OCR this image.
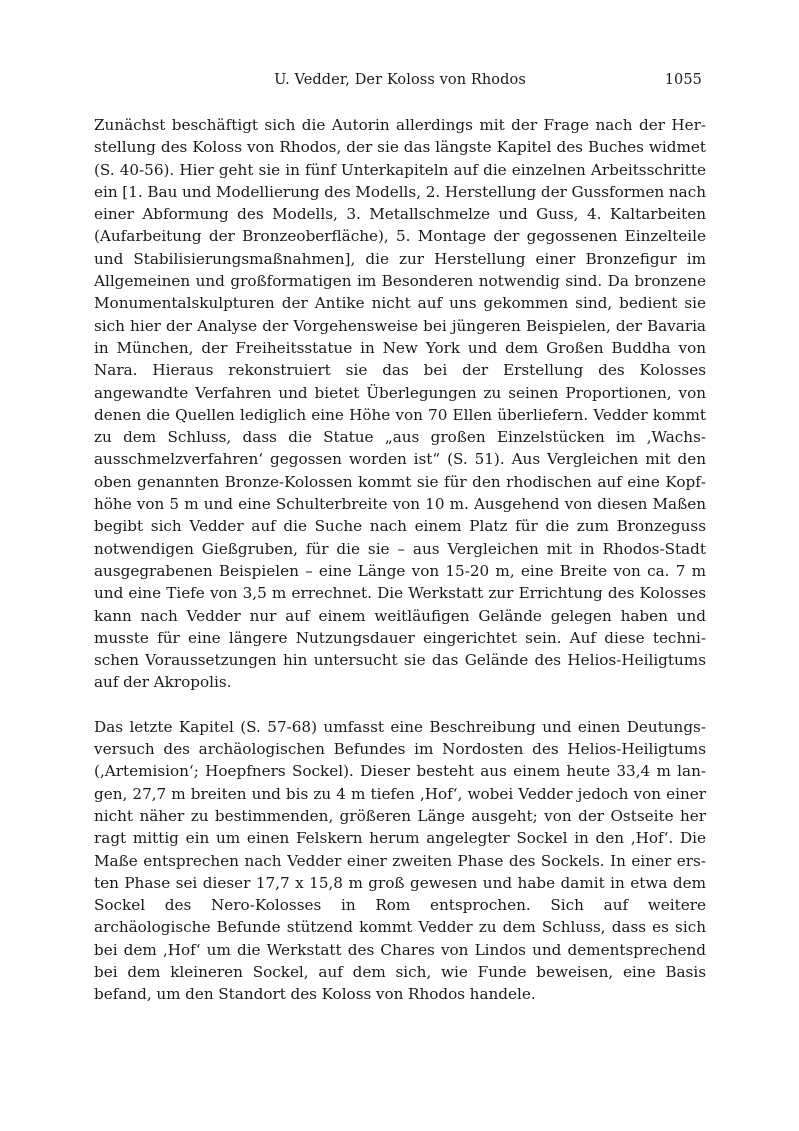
U. Vedder, Der Koloss von Rhodos	1055

Zunächst beschäftigt sich die Autorin allerdings mit der Frage nach der Herstellung des Koloss von Rhodos, der sie das längste Kapitel des Buches widmet (S. 40-56). Hier geht sie in fünf Unterkapiteln auf die einzelnen Arbeitsschritte ein [1. Bau und Modellierung des Modells, 2. Herstellung der Gussformen nach einer Abformung des Modells, 3. Metallschmelze und Guss, 4. Kaltarbeiten (Aufarbeitung der Bronzeoberfläche), 5. Montage der gegossenen Einzelteile und Stabilisierungsmaßnahmen], die zur Herstellung einer Bronzefigur im Allgemeinen und großformatigen im Besonderen notwendig sind. Da bronzene Monumentalskulpturen der Antike nicht auf uns gekommen sind, bedient sie sich hier der Analyse der Vorgehensweise bei jüngeren Beispielen, der Bavaria in München, der Freiheitsstatue in New York und dem Großen Buddha von Nara. Hieraus rekonstruiert sie das bei der Erstellung des Kolosses angewandte Verfahren und bietet Überlegungen zu seinen Proportionen, von denen die Quellen lediglich eine Höhe von 70 Ellen überliefern. Vedder kommt zu dem Schluss, dass die Statue „aus großen Einzelstücken im ‚Wachsausschmelzverfahren‘ gegossen worden ist“ (S. 51). Aus Vergleichen mit den oben genannten Bronze-Kolossen kommt sie für den rhodischen auf eine Kopfhöhe von 5 m und eine Schulterbreite von 10 m. Ausgehend von diesen Maßen begibt sich Vedder auf die Suche nach einem Platz für die zum Bronzeguss notwendigen Gießgruben, für die sie – aus Vergleichen mit in Rhodos-Stadt ausgegrabenen Beispielen – eine Länge von 15-20 m, eine Breite von ca. 7 m und eine Tiefe von 3,5 m errechnet. Die Werkstatt zur Errichtung des Kolosses kann nach Vedder nur auf einem weitläufigen Gelände gelegen haben und musste für eine längere Nutzungsdauer eingerichtet sein. Auf diese technischen Voraussetzungen hin untersucht sie das Gelände des Helios-Heiligtums auf der Akropolis.

Das letzte Kapitel (S. 57-68) umfasst eine Beschreibung und einen Deutungsversuch des archäologischen Befundes im Nordosten des Helios-Heiligtums (‚Artemision‘; Hoepfners Sockel). Dieser besteht aus einem heute 33,4 m langen, 27,7 m breiten und bis zu 4 m tiefen ‚Hof‘, wobei Vedder jedoch von einer nicht näher zu bestimmenden, größeren Länge ausgeht; von der Ostseite her ragt mittig ein um einen Felskern herum angelegter Sockel in den ‚Hof‘. Die Maße entsprechen nach Vedder einer zweiten Phase des Sockels. In einer ersten Phase sei dieser 17,7 x 15,8 m groß gewesen und habe damit in etwa dem Sockel des Nero-Kolosses in Rom entsprochen. Sich auf weitere archäologische Befunde stützend kommt Vedder zu dem Schluss, dass es sich bei dem ‚Hof‘ um die Werkstatt des Chares von Lindos und dementsprechend bei dem kleineren Sockel, auf dem sich, wie Funde beweisen, eine Basis befand, um den Standort des Koloss von Rhodos handele.
